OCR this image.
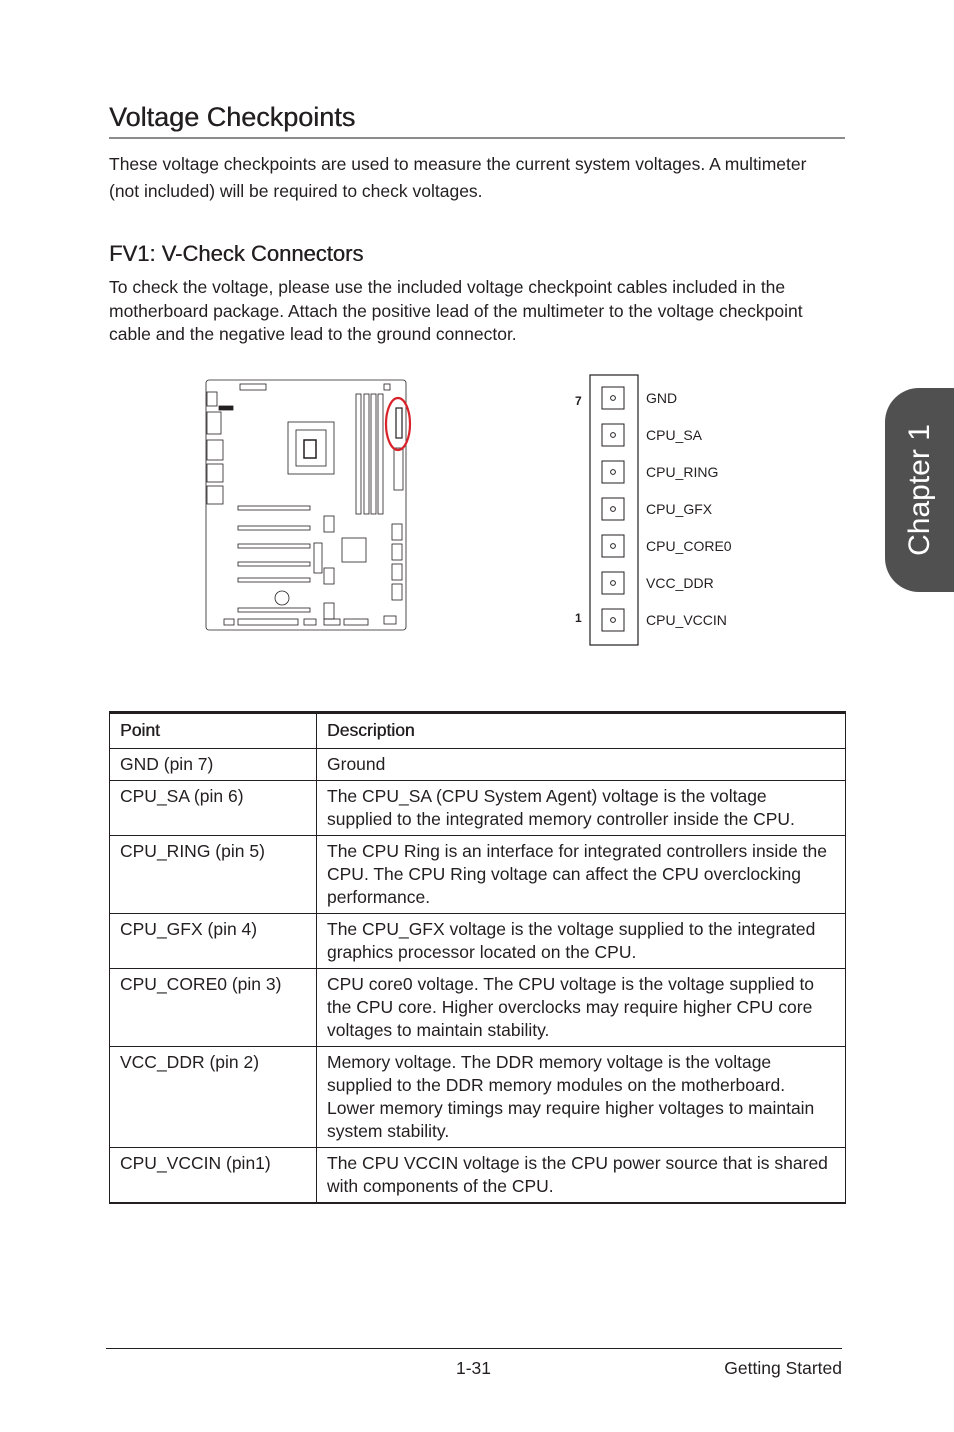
Voltage Checkpoints

These voltage checkpoints are used to measure the current system voltages. A multimeter (not included) will be required to check voltages.

FV1: V-Check Connectors

To check the voltage, please use the included voltage checkpoint cables included in the motherboard package. Attach the positive lead of the multimeter to the voltage checkpoint cable and the negative lead to the ground connector.

7
1
GND
CPU_SA
CPU_RING
CPU_GFX
CPU_CORE0
VCC_DDR
CPU_VCCIN
Point	Description
GND (pin 7)	Ground
CPU_SA (pin 6)	The CPU_SA (CPU System Agent) voltage is the voltage supplied to the integrated memory controller inside the CPU.
CPU_RING (pin 5)	The CPU Ring is an interface for integrated controllers inside the CPU. The CPU Ring voltage can affect the CPU overclocking performance.
CPU_GFX (pin 4)	The CPU_GFX voltage is the voltage supplied to the integrated graphics processor located on the CPU.
CPU_CORE0 (pin 3)	CPU core0 voltage. The CPU voltage is the voltage supplied to the CPU core. Higher overclocks may require higher CPU core voltages to maintain stability.
VCC_DDR (pin 2)	Memory voltage. The DDR memory voltage is the voltage supplied to the DDR memory modules on the motherboard. Lower memory timings may require higher voltages to maintain system stability.
CPU_VCCIN (pin1)	The CPU VCCIN voltage is the CPU power source that is shared with components of the CPU.
1-31	Getting Started
Chapter 1
